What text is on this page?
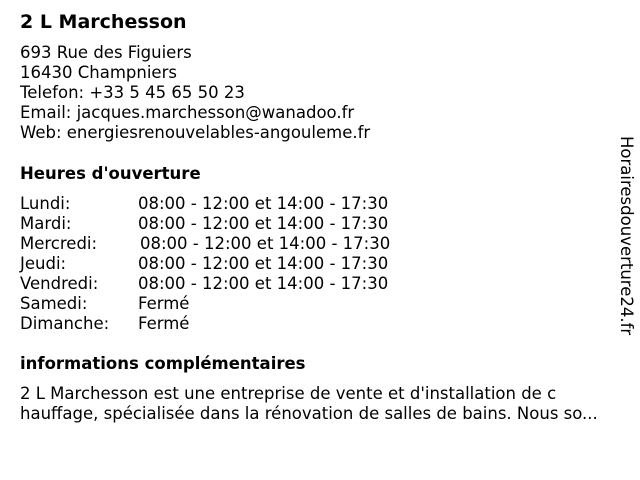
2 L Marchesson
693 Rue des Figuiers
16430 Champniers
Telefon: +33 5 45 65 50 23
Email: jacques.marchesson@wanadoo.fr
Web: energiesrenouvelables-angouleme.fr
Heures d'ouverture
Lundi:	08:00 - 12:00 et 14:00 - 17:30
Mardi:	08:00 - 12:00 et 14:00 - 17:30
Mercredi:	08:00 - 12:00 et 14:00 - 17:30
Jeudi:	08:00 - 12:00 et 14:00 - 17:30
Vendredi: 08:00 - 12:00 et 14:00 - 17:30
Samedi:	Fermé
Dimanche: Fermé
informations complémentaires
2 L Marchesson est une entreprise de vente et d'installation de c
hauffage, spécialisée dans la rénovation de salles de bains. Nous so...
Horairesdouverture24.fr
